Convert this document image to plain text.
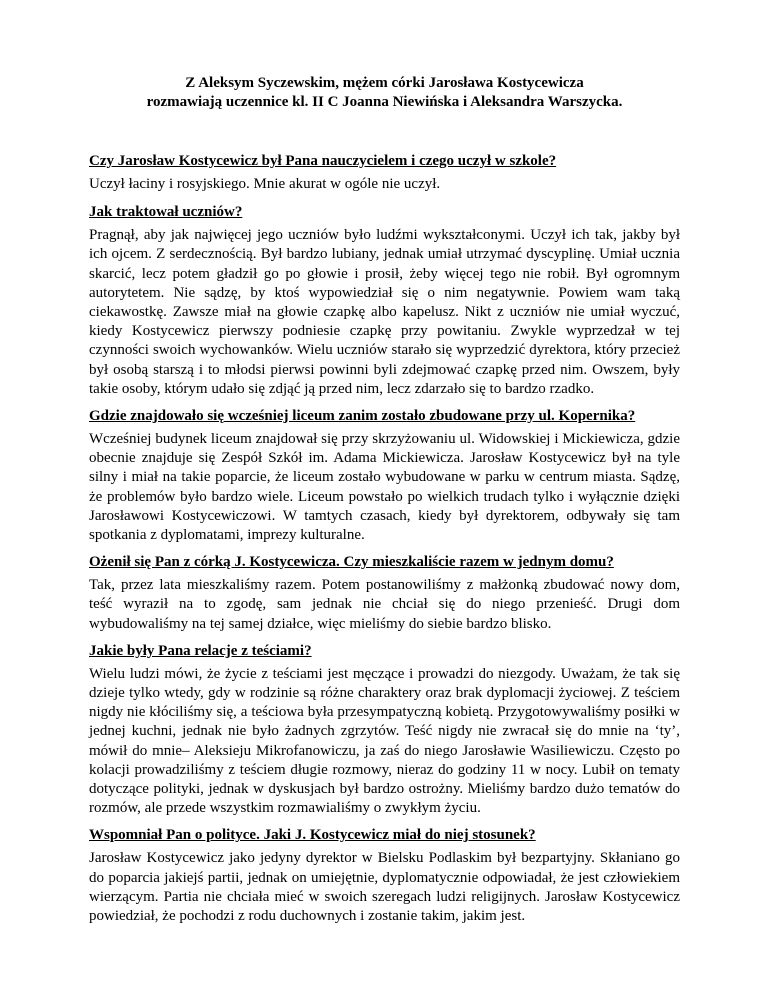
Z Aleksym Syczewskim, mężem córki Jarosława Kostycewicza
rozmawiają uczennice kl. II C Joanna Niewińska i Aleksandra Warszycka.

Czy Jarosław Kostycewicz był Pana nauczycielem i czego uczył w szkole?

Uczył łaciny i rosyjskiego. Mnie akurat w ogóle nie uczył.

Jak traktował uczniów?

Pragnął, aby jak najwięcej jego uczniów było ludźmi wykształconymi. Uczył ich tak, jakby był ich ojcem. Z serdecznością. Był bardzo lubiany, jednak umiał utrzymać dyscyplinę. Umiał ucznia skarcić, lecz potem gładził go po głowie i prosił, żeby więcej tego nie robił. Był ogromnym autorytetem. Nie sądzę, by ktoś wypowiedział się o nim negatywnie. Powiem wam taką ciekawostkę. Zawsze miał na głowie czapkę albo kapelusz. Nikt z uczniów nie umiał wyczuć, kiedy Kostycewicz pierwszy podniesie czapkę przy powitaniu. Zwykle wyprzedzał w tej czynności swoich wychowanków. Wielu uczniów starało się wyprzedzić dyrektora, który przecież był osobą starszą i to młodsi pierwsi powinni byli zdejmować czapkę przed nim. Owszem, były takie osoby, którym udało się zdjąć ją przed nim, lecz zdarzało się to bardzo rzadko.

Gdzie znajdowało się wcześniej liceum zanim zostało zbudowane przy ul. Kopernika?

Wcześniej budynek liceum znajdował się przy skrzyżowaniu ul. Widowskiej i Mickiewicza, gdzie obecnie znajduje się Zespół Szkół im. Adama Mickiewicza. Jarosław Kostycewicz był na tyle silny i miał na takie poparcie, że liceum zostało wybudowane w parku w centrum miasta. Sądzę, że problemów było bardzo wiele. Liceum powstało po wielkich trudach tylko i wyłącznie dzięki Jarosławowi Kostycewiczowi. W tamtych czasach, kiedy był dyrektorem, odbywały się tam spotkania z dyplomatami, imprezy kulturalne.

Ożenił się Pan z córką J. Kostycewicza. Czy mieszkaliście razem w jednym domu?

Tak, przez lata mieszkaliśmy razem. Potem postanowiliśmy z małżonką zbudować nowy dom, teść wyraził na to zgodę, sam jednak nie chciał się do niego przenieść. Drugi dom wybudowaliśmy na tej samej działce, więc mieliśmy do siebie bardzo blisko.

Jakie były Pana relacje z teściami?

Wielu ludzi mówi, że życie z teściami jest męczące i prowadzi do niezgody. Uważam, że tak się dzieje tylko wtedy, gdy w rodzinie są różne charaktery oraz brak dyplomacji życiowej. Z teściem nigdy nie kłóciliśmy się, a teściowa była przesympatyczną kobietą. Przygotowywaliśmy posiłki w jednej kuchni, jednak nie było żadnych zgrzytów. Teść nigdy nie zwracał się do mnie na ‘ty’, mówił do mnie– Aleksieju Mikrofanowiczu, ja zaś do niego Jarosławie Wasiliewiczu. Często po kolacji prowadziliśmy z teściem długie rozmowy, nieraz do godziny 11 w nocy. Lubił on tematy dotyczące polityki, jednak w dyskusjach był bardzo ostrożny. Mieliśmy bardzo dużo tematów do rozmów, ale przede wszystkim rozmawialiśmy o zwykłym życiu.

Wspomniał Pan o polityce. Jaki J. Kostycewicz miał do niej stosunek?

Jarosław Kostycewicz jako jedyny dyrektor w Bielsku Podlaskim był bezpartyjny. Skłaniano go do poparcia jakiejś partii, jednak on umiejętnie, dyplomatycznie odpowiadał, że jest człowiekiem wierzącym. Partia nie chciała mieć w swoich szeregach ludzi religijnych. Jarosław Kostycewicz powiedział, że pochodzi z rodu duchownych i zostanie takim, jakim jest.
